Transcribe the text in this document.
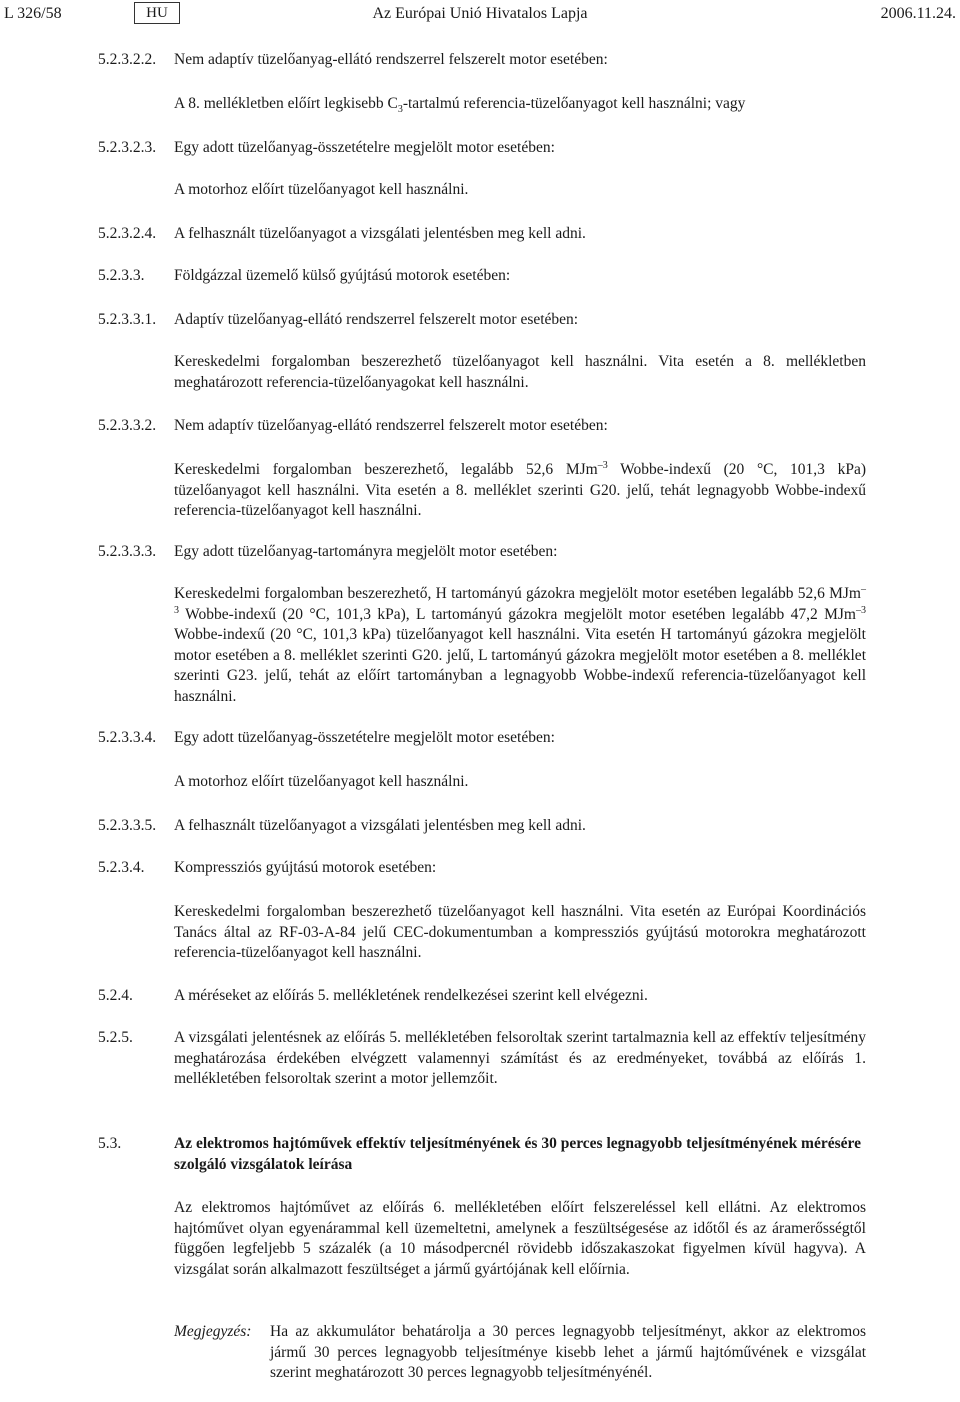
L 326/58	HU	Az Európai Unió Hivatalos Lapja	2006.11.24.
5.2.3.2.2. Nem adaptív tüzelőanyag-ellátó rendszerrel felszerelt motor esetében:
A 8. mellékletben előírt legkisebb $C_3$-tartalmú referencia-tüzelőanyagot kell használni; vagy
5.2.3.2.3. Egy adott tüzelőanyag-összetételre megjelölt motor esetében:
A motorhoz előírt tüzelőanyagot kell használni.
5.2.3.2.4. A felhasznált tüzelőanyagot a vizsgálati jelentésben meg kell adni.
5.2.3.3. Földgázzal üzemelő külső gyújtású motorok esetében:
5.2.3.3.1. Adaptív tüzelőanyag-ellátó rendszerrel felszerelt motor esetében:
Kereskedelmi forgalomban beszerezhető tüzelőanyagot kell használni. Vita esetén a 8. mellékletben meghatározott referencia-tüzelőanyagokat kell használni.
5.2.3.3.2. Nem adaptív tüzelőanyag-ellátó rendszerrel felszerelt motor esetében:
Kereskedelmi forgalomban beszerezhető, legalább 52,6 MJm$^{-3}$ Wobbe-indexű (20 °C, 101,3 kPa) tüzelőanyagot kell használni. Vita esetén a 8. melléklet szerinti G20. jelű, tehát legnagyobb Wobbe-indexű referencia-tüzelőanyagot kell használni.
5.2.3.3.3. Egy adott tüzelőanyag-tartományra megjelölt motor esetében:
Kereskedelmi forgalomban beszerezhető, H tartományú gázokra megjelölt motor esetében legalább 52,6 MJm$^{-3}$ Wobbe-indexű (20 °C, 101,3 kPa), L tartományú gázokra megjelölt motor esetében legalább 47,2 MJm$^{-3}$ Wobbe-indexű (20 °C, 101,3 kPa) tüzelőanyagot kell használni. Vita esetén H tartományú gázokra megjelölt motor esetében a 8. melléklet szerinti G20. jelű, L tartományú gázokra megjelölt motor esetében a 8. melléklet szerinti G23. jelű, tehát az előírt tartományban a legnagyobb Wobbe-indexű referencia-tüzelőanyagot kell használni.
5.2.3.3.4. Egy adott tüzelőanyag-összetételre megjelölt motor esetében:
A motorhoz előírt tüzelőanyagot kell használni.
5.2.3.3.5. A felhasznált tüzelőanyagot a vizsgálati jelentésben meg kell adni.
5.2.3.4. Kompressziós gyújtású motorok esetében:
Kereskedelmi forgalomban beszerezhető tüzelőanyagot kell használni. Vita esetén az Európai Koordinációs Tanács által az RF-03-A-84 jelű CEC-dokumentumban a kompressziós gyújtású motorokra meghatározott referencia-tüzelőanyagot kell használni.
5.2.4.	A méréseket az előírás 5. mellékletének rendelkezései szerint kell elvégezni.
5.2.5.	A vizsgálati jelentésnek az előírás 5. mellékletében felsoroltak szerint tartalmaznia kell az effektív teljesítmény meghatározása érdekében elvégzett valamennyi számítást és az eredményeket, továbbá az előírás 1. mellékletében felsoroltak szerint a motor jellemzőit.
5.3.	Az elektromos hajtóművek effektív teljesítményének és 30 perces legnagyobb teljesítményének mérésére szolgáló vizsgálatok leírása
Az elektromos hajtóművet az előírás 6. mellékletében előírt felszereléssel kell ellátni. Az elektromos hajtóművet olyan egyenárammal kell üzemeltetni, amelynek a feszültségesése az időtől és az áramerősségtől függően legfeljebb 5 százalék (a 10 másodpercnél rövidebb időszakaszokat figyelmen kívül hagyva). A vizsgálat során alkalmazott feszültséget a jármű gyártójának kell előírnia.
Megjegyzés: Ha az akkumulátor behatárolja a 30 perces legnagyobb teljesítményt, akkor az elektromos jármű 30 perces legnagyobb teljesítménye kisebb lehet a jármű hajtóművének e vizsgálat szerint meghatározott 30 perces legnagyobb teljesítményénél.
